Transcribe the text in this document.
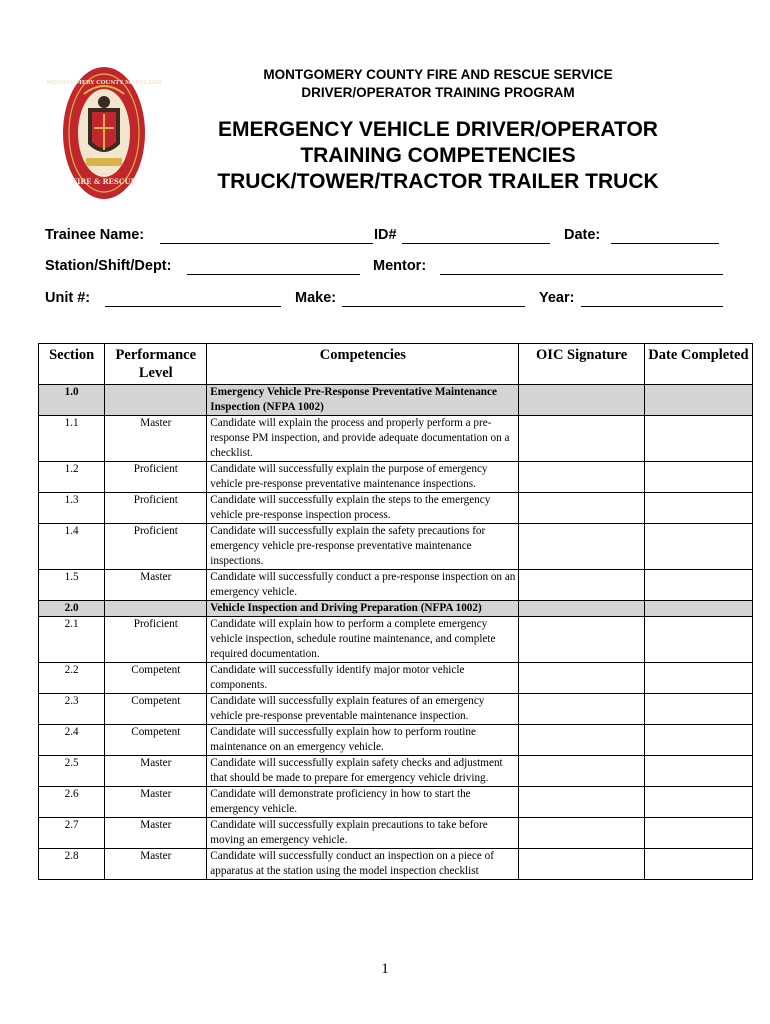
MONTGOMERY COUNTY MARYLAND
FIRE & RESCUE
MONTGOMERY COUNTY FIRE AND RESCUE SERVICE
DRIVER/OPERATOR TRAINING PROGRAM
EMERGENCY VEHICLE DRIVER/OPERATOR
TRAINING COMPETENCIES
TRUCK/TOWER/TRACTOR TRAILER TRUCK
Trainee Name:	ID#	Date:
Station/Shift/Dept:	Mentor:
Unit #:	Make:	Year:
Section	Performance Level	Competencies	OIC Signature	Date Completed
1.0		Emergency Vehicle Pre-Response Preventative Maintenance Inspection (NFPA 1002)		
1.1	Master	Candidate will explain the process and properly perform a pre-response PM inspection, and provide adequate documentation on a checklist.		
1.2	Proficient	Candidate will successfully explain the purpose of emergency vehicle pre-response preventative maintenance inspections.		
1.3	Proficient	Candidate will successfully explain the steps to the emergency vehicle pre-response inspection process.		
1.4	Proficient	Candidate will successfully explain the safety precautions for emergency vehicle pre-response preventative maintenance inspections.		
1.5	Master	Candidate will successfully conduct a pre-response inspection on an emergency vehicle.		
2.0		Vehicle Inspection and Driving Preparation (NFPA 1002)		
2.1	Proficient	Candidate will explain how to perform a complete emergency vehicle inspection, schedule routine maintenance, and complete required documentation.		
2.2	Competent	Candidate will successfully identify major motor vehicle components.		
2.3	Competent	Candidate will successfully explain features of an emergency vehicle pre-response preventable maintenance inspection.		
2.4	Competent	Candidate will successfully explain how to perform routine maintenance on an emergency vehicle.		
2.5	Master	Candidate will successfully explain safety checks and adjustment that should be made to prepare for emergency vehicle driving.		
2.6	Master	Candidate will demonstrate proficiency in how to start the emergency vehicle.		
2.7	Master	Candidate will successfully explain precautions to take before moving an emergency vehicle.		
2.8	Master	Candidate will successfully conduct an inspection on a piece of apparatus at the station using the model inspection checklist		
1
